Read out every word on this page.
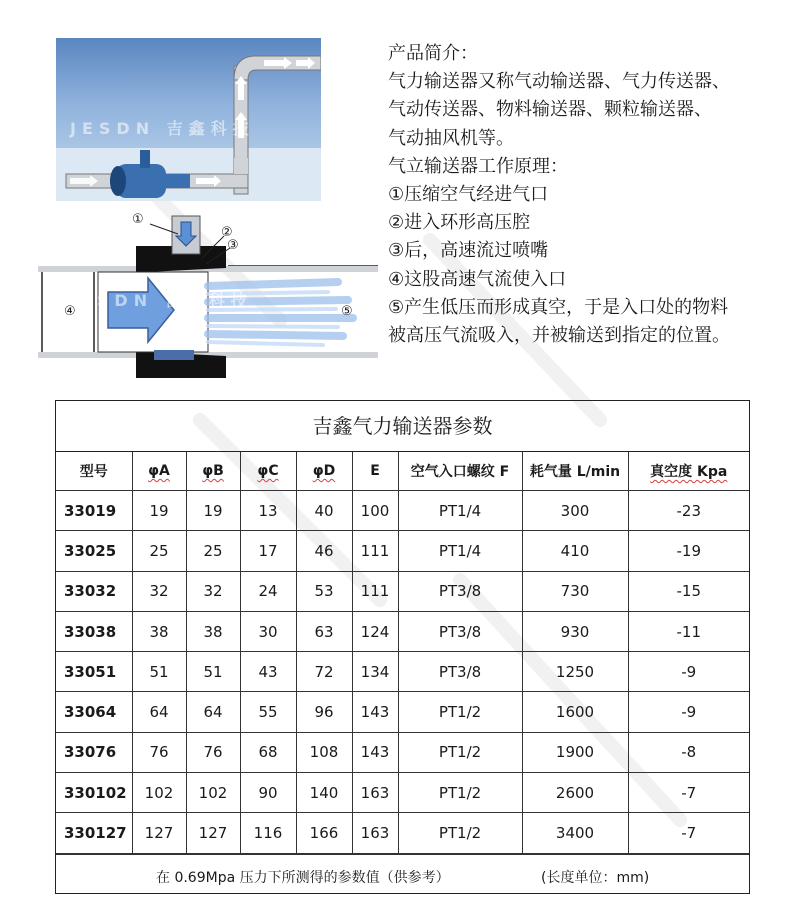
JESDN 吉鑫科技
JESDN 吉鑫科技
①
②
③
④	⑤
产品简介：
气力输送器又称气动输送器、气力传送器、
气动传送器、物料输送器、颗粒输送器、
气动抽风机等。
气立输送器工作原理：
①压缩空气经进气口
②进入环形高压腔
③后，高速流过喷嘴
④这股高速气流使入口
⑤产生低压而形成真空，于是入口处的物料
被高压气流吸入，并被输送到指定的位置。
吉鑫气力输送器参数
型号	φA	φB	φC	φD	E	空气入口螺纹 F	耗气量 L/min	真空度 Kpa
33019	19	19	13	40	100	PT1/4	300	-23
33025	25	25	17	46	111	PT1/4	410	-19
33032	32	32	24	53	111	PT3/8	730	-15
33038	38	38	30	63	124	PT3/8	930	-11
33051	51	51	43	72	134	PT3/8	1250	-9
33064	64	64	55	96	143	PT1/2	1600	-9
33076	76	76	68	108	143	PT1/2	1900	-8
330102	102	102	90	140	163	PT1/2	2600	-7
330127	127	127	116	166	163	PT1/2	3400	-7
在 0.69Mpa 压力下所测得的参数值（供参考）	(长度单位：mm)
